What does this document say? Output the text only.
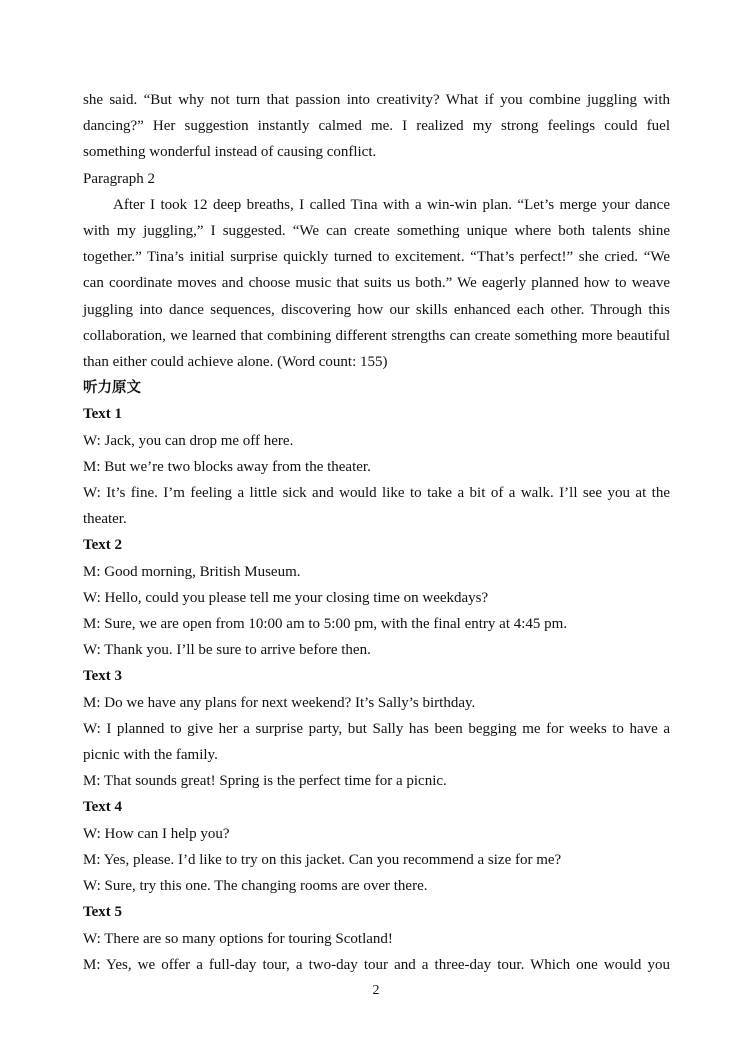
she said. “But why not turn that passion into creativity? What if you combine juggling with dancing?” Her suggestion instantly calmed me. I realized my strong feelings could fuel something wonderful instead of causing conflict.

Paragraph 2

After I took 12 deep breaths, I called Tina with a win-win plan. “Let’s merge your dance with my juggling,” I suggested. “We can create something unique where both talents shine together.” Tina’s initial surprise quickly turned to excitement. “That’s perfect!” she cried. “We can coordinate moves and choose music that suits us both.” We eagerly planned how to weave juggling into dance sequences, discovering how our skills enhanced each other. Through this collaboration, we learned that combining different strengths can create something more beautiful than either could achieve alone. (Word count: 155)

听力原文

Text 1

W: Jack, you can drop me off here.

M: But we’re two blocks away from the theater.

W: It’s fine. I’m feeling a little sick and would like to take a bit of a walk. I’ll see you at the theater.

Text 2

M: Good morning, British Museum.

W: Hello, could you please tell me your closing time on weekdays?

M: Sure, we are open from 10:00 am to 5:00 pm, with the final entry at 4:45 pm.

W: Thank you. I’ll be sure to arrive before then.

Text 3

M: Do we have any plans for next weekend? It’s Sally’s birthday.

W: I planned to give her a surprise party, but Sally has been begging me for weeks to have a picnic with the family.

M: That sounds great! Spring is the perfect time for a picnic.

Text 4

W: How can I help you?

M: Yes, please. I’d like to try on this jacket. Can you recommend a size for me?

W: Sure, try this one. The changing rooms are over there.

Text 5

W: There are so many options for touring Scotland!

M: Yes, we offer a full-day tour, a two-day tour and a three-day tour. Which one would you

2
